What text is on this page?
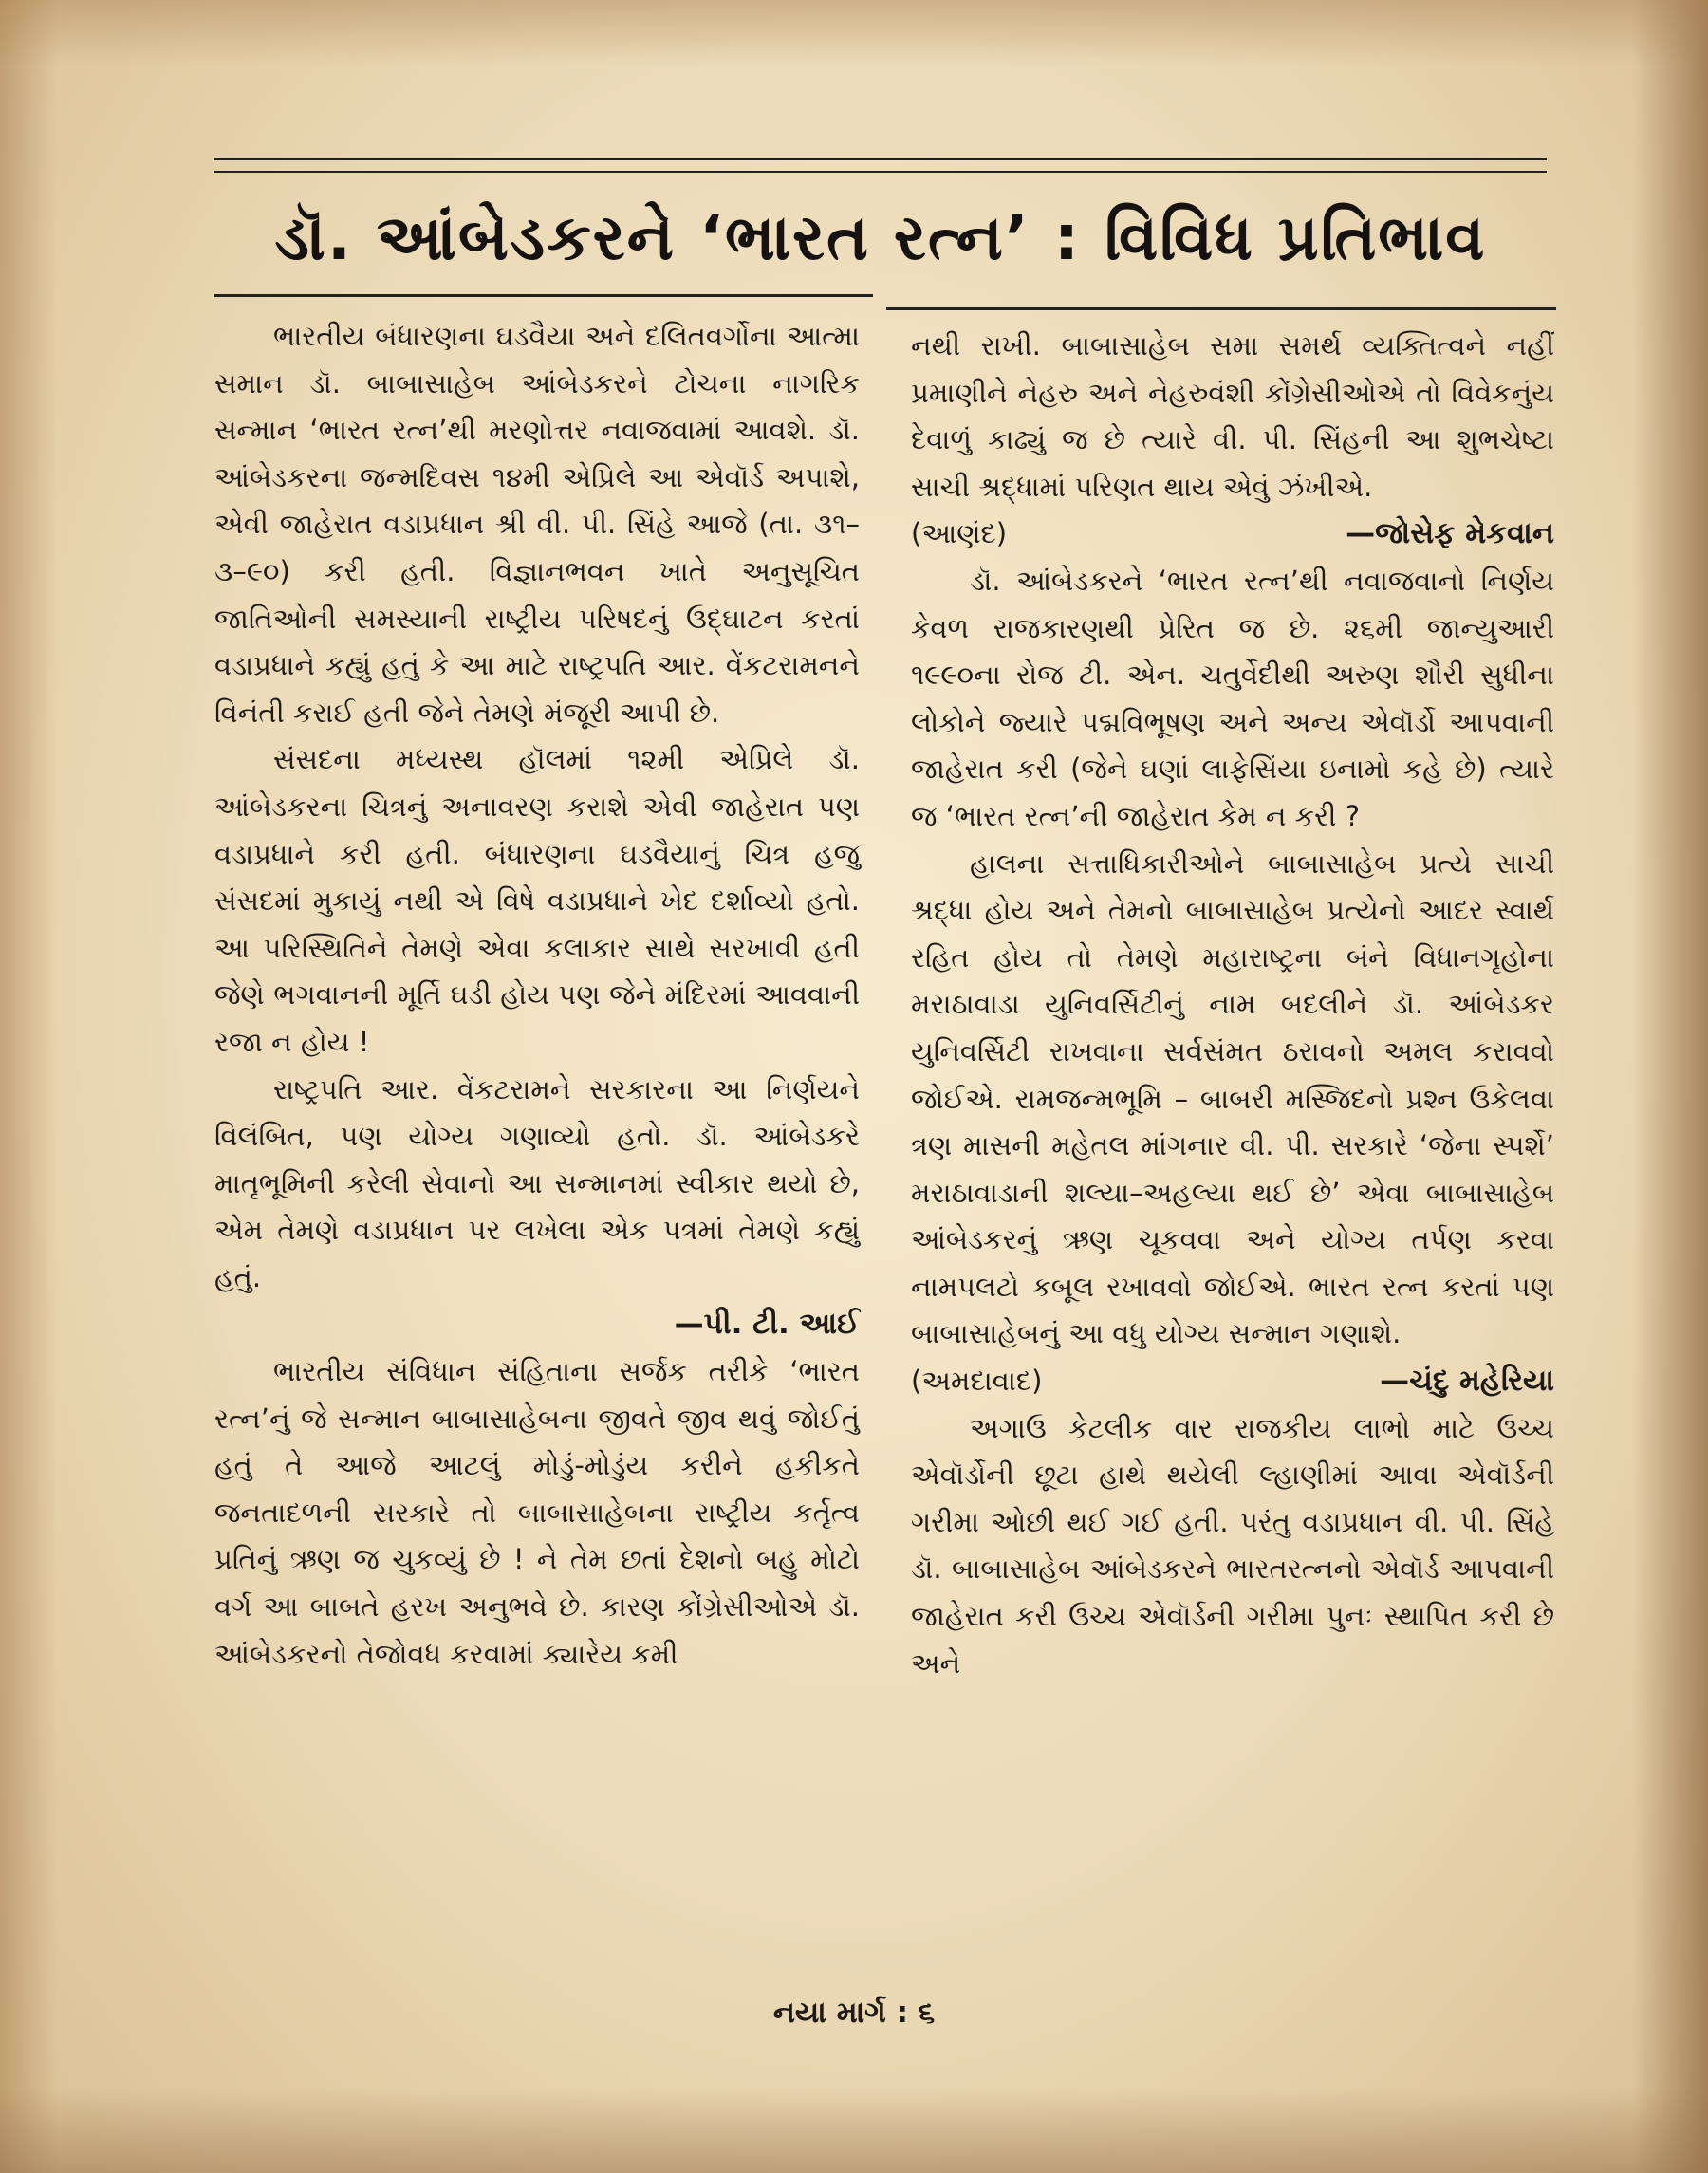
ડૉ. આંબેડકરને ‘ભારત રત્ન’ : વિવિધ પ્રતિભાવ

ભારતીય બંધારણના ઘડવૈયા અને દલિતવર્ગોના આત્મા સમાન ડૉ. બાબાસાહેબ આંબેડકરને ટોચના નાગરિક સન્માન ‘ભારત રત્ન’થી મરણોત્તર નવાજવામાં આવશે. ડૉ. આંબેડકરના જન્મદિવસ ૧૪મી એપ્રિલે આ એવૉર્ડ અપાશે, એવી જાહેરાત વડાપ્રધાન શ્રી વી. પી. સિંહે આજે (તા. ૩૧–૩–૯૦) કરી હતી. વિજ્ઞાનભવન ખાતે અનુસૂચિત જાતિઓની સમસ્યાની રાષ્ટ્રીય પરિષદનું ઉદ્‌ઘાટન કરતાં વડાપ્રધાને કહ્યું હતું કે આ માટે રાષ્ટ્રપતિ આર. વેંકટરામનને વિનંતી કરાઈ હતી જેને તેમણે મંજૂરી આપી છે.

સંસદના મધ્યસ્થ હૉલમાં ૧૨મી એપ્રિલે ડૉ. આંબેડકરના ચિત્રનું અનાવરણ કરાશે એવી જાહેરાત પણ વડાપ્રધાને કરી હતી. બંધારણના ઘડવૈયાનું ચિત્ર હજુ સંસદમાં મુકાયું નથી એ વિષે વડાપ્રધાને ખેદ દર્શાવ્યો હતો. આ પરિસ્થિતિને તેમણે એવા કલાકાર સાથે સરખાવી હતી જેણે ભગવાનની મૂર્તિ ઘડી હોય પણ જેને મંદિરમાં આવવાની રજા ન હોય !

રાષ્ટ્રપતિ આર. વેંકટરામને સરકારના આ નિર્ણયને વિલંબિત, પણ યોગ્ય ગણાવ્યો હતો. ડૉ. આંબેડકરે માતૃભૂમિની કરેલી સેવાનો આ સન્માનમાં સ્વીકાર થયો છે, એમ તેમણે વડાપ્રધાન પર લખેલા એક પત્રમાં તેમણે કહ્યું હતું.

—પી. ટી. આઈ

ભારતીય સંવિધાન સંહિતાના સર્જક તરીકે ‘ભારત રત્ન’નું જે સન્માન બાબાસાહેબના જીવતે જીવ થવું જોઈતું હતું તે આજે આટલું મોડું-મોડુંય કરીને હકીકતે જનતાદળની સરકારે તો બાબાસાહેબના રાષ્ટ્રીય કર્તૃત્વ પ્રતિનું ઋણ જ ચુકવ્યું છે ! ને તેમ છતાં દેશનો બહુ મોટો વર્ગ આ બાબતે હરખ અનુભવે છે. કારણ કોંગ્રેસીઓએ ડૉ. આંબેડકરનો તેજોવધ કરવામાં ક્યારેય કમી

નથી રાખી. બાબાસાહેબ સમા સમર્થ વ્યક્તિત્વને નહીં પ્રમાણીને નેહરુ અને નેહરુવંશી કોંગ્રેસીઓએ તો વિવેકનુંય દેવાળું કાઢ્યું જ છે ત્યારે વી. પી. સિંહની આ શુભચેષ્ટા સાચી શ્રદ્ધામાં પરિણત થાય એવું ઝંખીએ.

(આણંદ)	—જોસેફ મેકવાન

ડૉ. આંબેડકરને ‘ભારત રત્ન’થી નવાજવાનો નિર્ણય કેવળ રાજકારણથી પ્રેરિત જ છે. ૨૬મી જાન્યુઆરી ૧૯૯૦ના રોજ ટી. એન. ચતુર્વેદીથી અરુણ શૌરી સુધીના લોકોને જ્યારે પદ્મવિભૂષણ અને અન્ય એવૉર્ડો આપવાની જાહેરાત કરી (જેને ઘણાં લાફેસિંયા ઇનામો કહે છે) ત્યારે જ ‘ભારત રત્ન’ની જાહેરાત કેમ ન કરી ?

હાલના સત્તાધિકારીઓને બાબાસાહેબ પ્રત્યે સાચી શ્રદ્ધા હોય અને તેમનો બાબાસાહેબ પ્રત્યેનો આદર સ્વાર્થ રહિત હોય તો તેમણે મહારાષ્ટ્રના બંને વિધાનગૃહોના મરાઠાવાડા યુનિવર્સિટીનું નામ બદલીને ડૉ. આંબેડકર યુનિવર્સિટી રાખવાના સર્વસંમત ઠરાવનો અમલ કરાવવો જોઈએ. રામજન્મભૂમિ – બાબરી મસ્જિદનો પ્રશ્ન ઉકેલવા ત્રણ માસની મહેતલ માંગનાર વી. પી. સરકારે ‘જેના સ્પર્શે’ મરાઠાવાડાની શલ્યા–અહલ્યા થઈ છે’ એવા બાબાસાહેબ આંબેડકરનું ઋણ ચૂકવવા અને યોગ્ય તર્પણ કરવા નામપલટો કબૂલ રખાવવો જોઈએ. ભારત રત્ન કરતાં પણ બાબાસાહેબનું આ વધુ યોગ્ય સન્માન ગણાશે.

(અમદાવાદ)	—ચંદુ મહેરિયા

અગાઉ કેટલીક વાર રાજકીય લાભો માટે ઉચ્ચ એવૉર્ડોની છૂટા હાથે થયેલી લ્હાણીમાં આવા એવૉર્ડની ગરીમા ઓછી થઈ ગઈ હતી. પરંતુ વડાપ્રધાન વી. પી. સિંહે ડૉ. બાબાસાહેબ આંબેડકરને ભારતરત્નનો એવૉર્ડ આપવાની જાહેરાત કરી ઉચ્ચ એવૉર્ડની ગરીમા પુનઃ સ્થાપિત કરી છે અને

નયા માર્ગ : ૬
